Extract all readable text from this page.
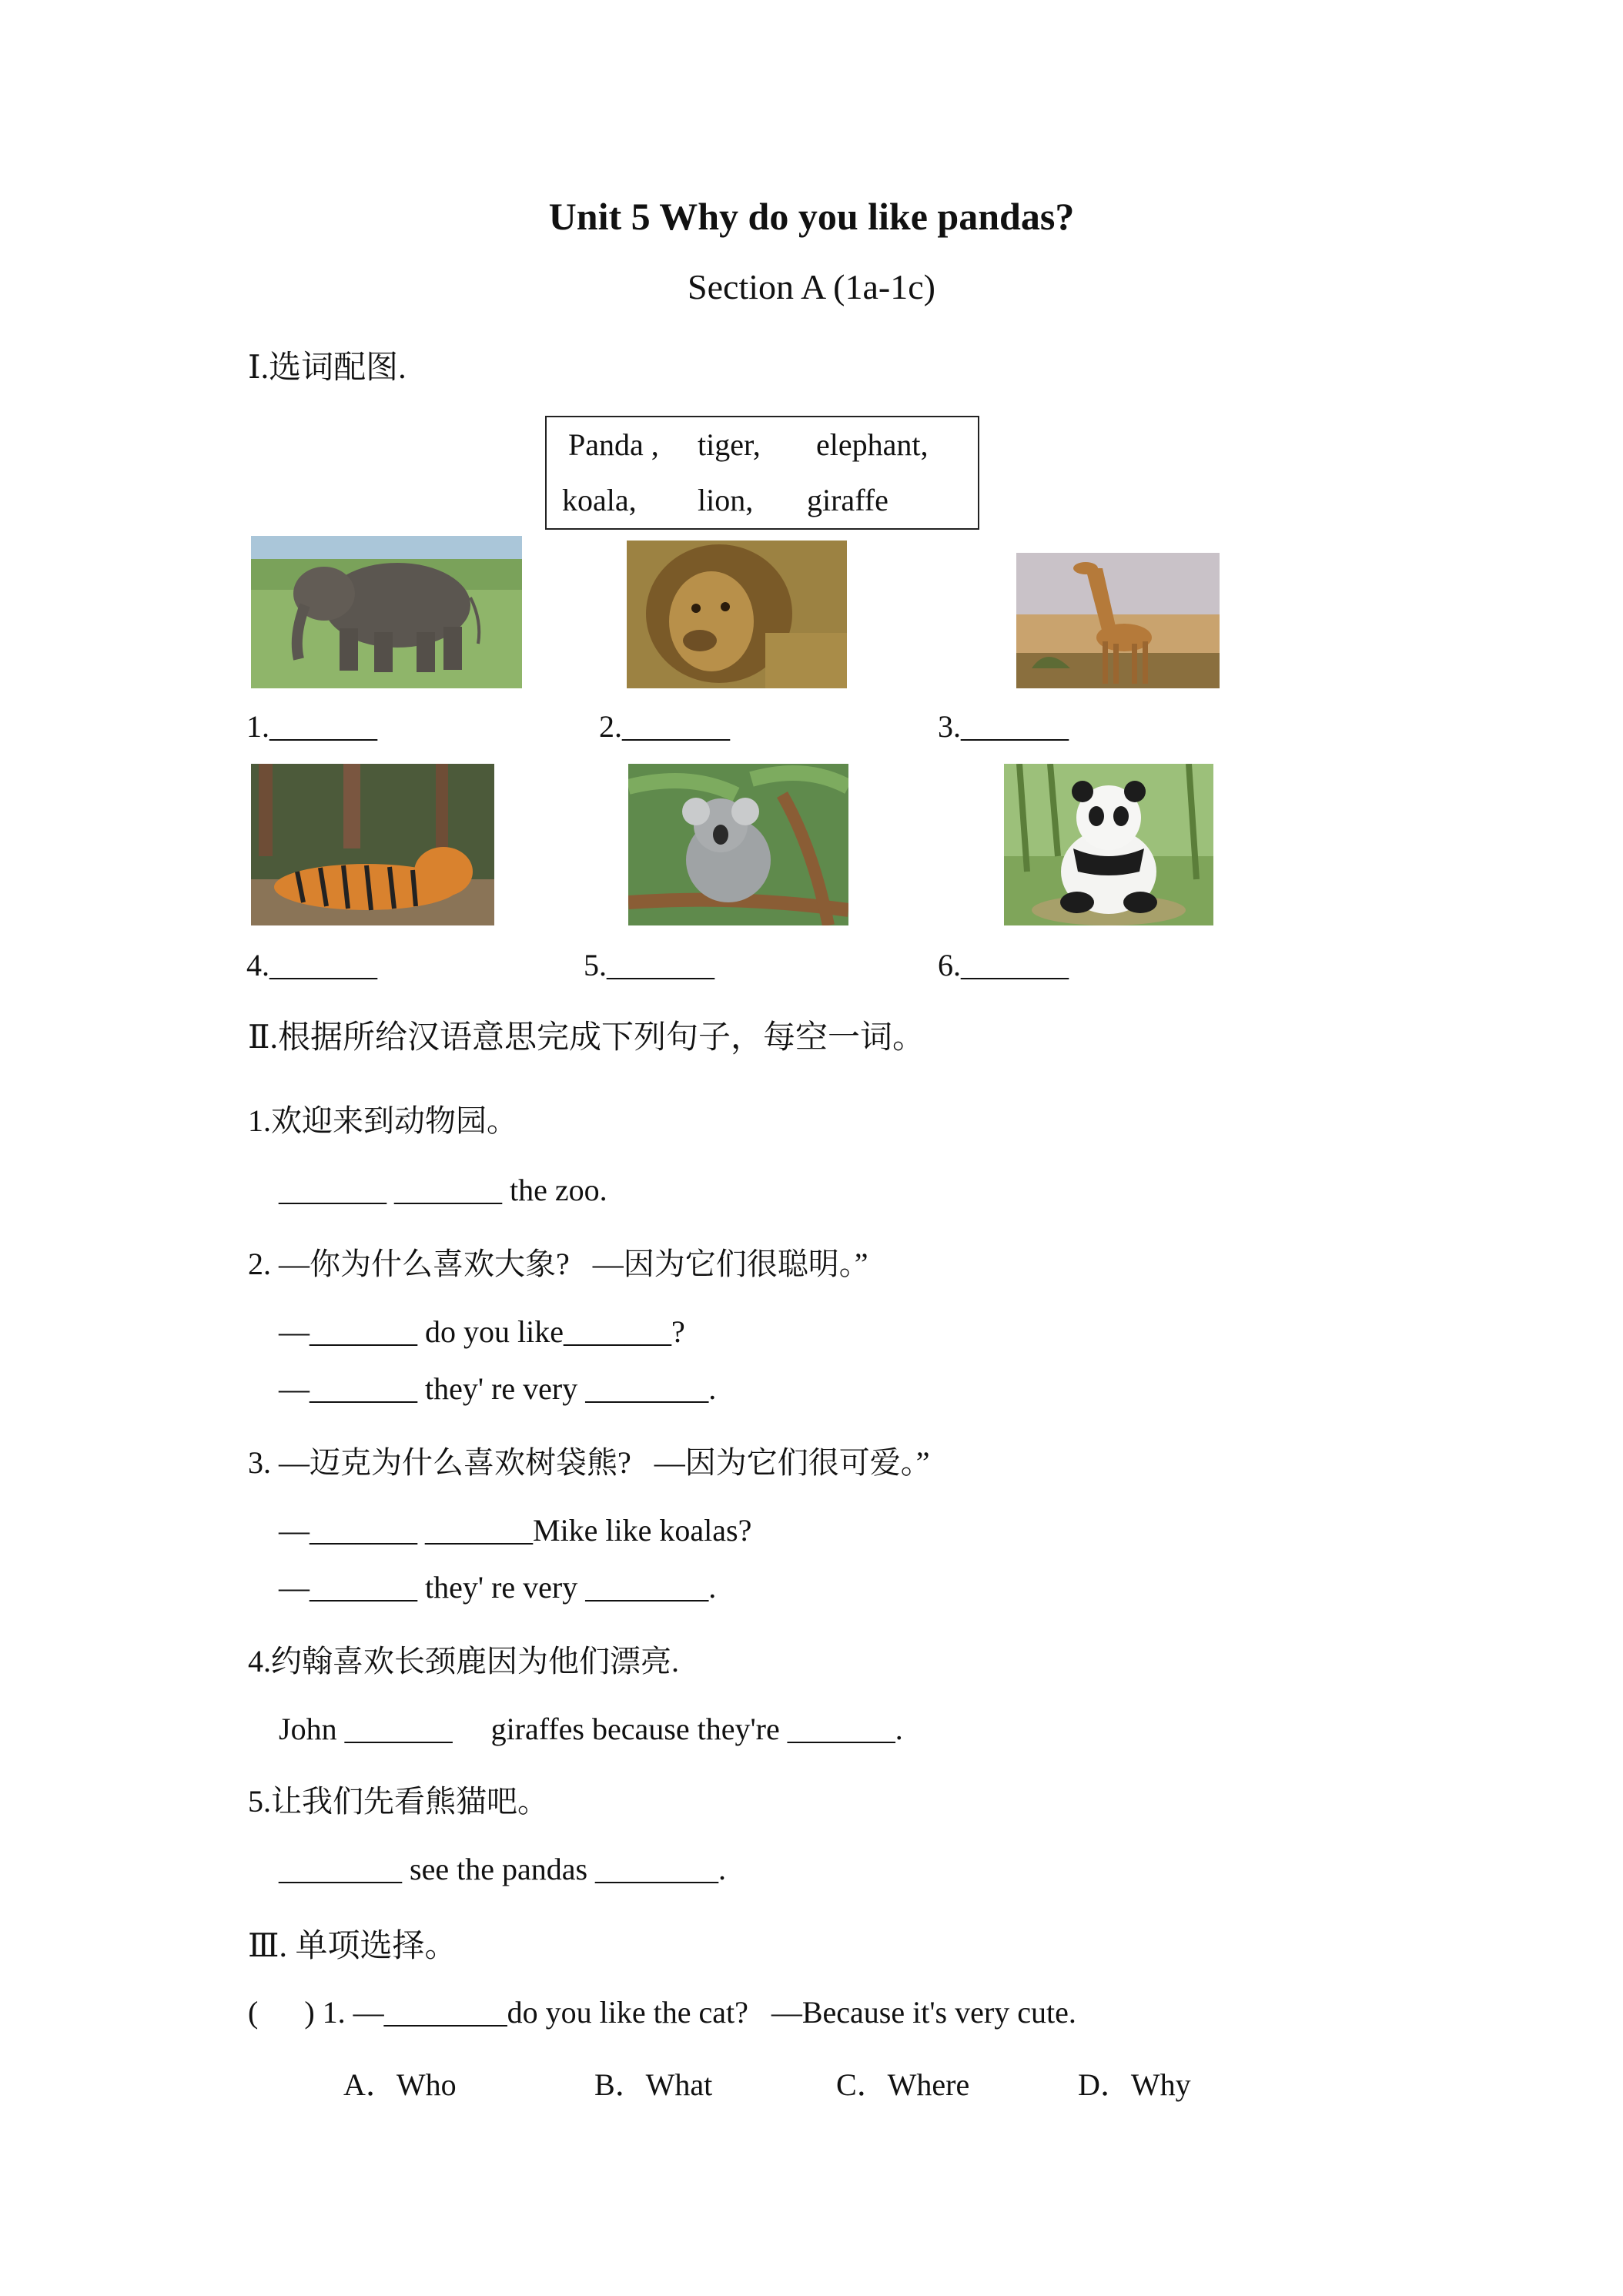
Unit 5 Why do you like pandas?
Section A (1a-1c)
Ⅰ.选词配图.
Panda , tiger, elephant,
koala, lion, giraffe
1._______	2._______	3._______
4._______	5._______	6._______
Ⅱ.根据所给汉语意思完成下列句子，每空一词。
1.欢迎来到动物园。
_______ _______ the zoo.
2. —你为什么喜欢大象?   —因为它们很聪明。”
—_______ do you like_______?
—_______ they' re very ________.
3. —迈克为什么喜欢树袋熊?   —因为它们很可爱。”
—_______ _______Mike like koalas?
—_______ they' re very ________.
4.约翰喜欢长颈鹿因为他们漂亮.
John _______     giraffes because they're _______.
5.让我们先看熊猫吧。
________ see the pandas ________.
Ⅲ. 单项选择。
(      ) 1. —________do you like the cat?   —Because it's very cute.
A．Who	B．What	C．Where	D．Why
